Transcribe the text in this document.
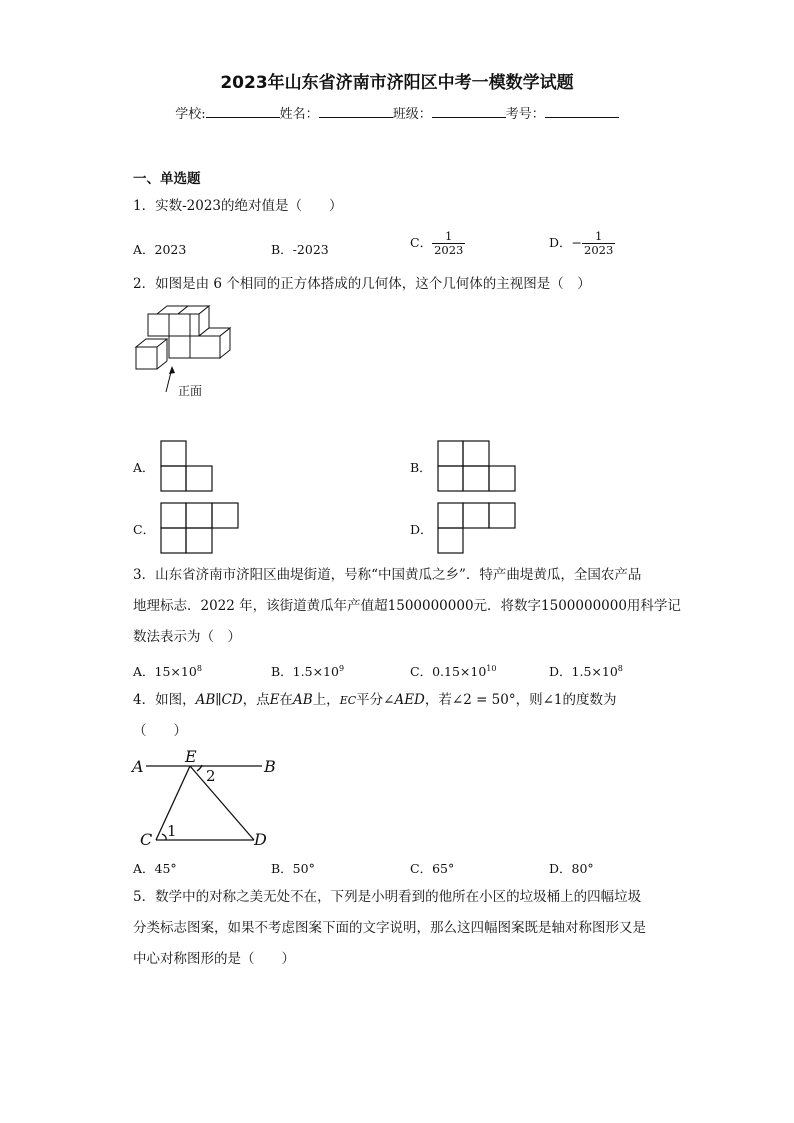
2023年山东省济南市济阳区中考一模数学试题
学校:	姓名：	班级：	考号：
一、单选题
1．实数-2023的绝对值是（　　）
A．2023	B．-2023	C． $\frac{1}{2023}$	D．− $\frac{1}{2023}$
2．如图是由 6 个相同的正方体搭成的几何体，这个几何体的主视图是（　）
正面
A．	B．
C．	D．
3．山东省济南市济阳区曲堤街道，号称“中国黄瓜之乡”．特产曲堤黄瓜，全国农产品
地理标志．2022 年，该街道黄瓜年产值超1500000000元．将数字1500000000用科学记
数法表示为（　）
A．$15\times 10^8$	B．$1.5\times 10^9$	C．$0.15\times 10^{10}$	D．$1.5\times 10^8$
4．如图，AB∥CD，点E在AB上，EC平分∠AED，若∠2 = 50°，则∠1的度数为
（　　）
A	B
E
C	D
2
1
A．45°	B．50°	C．65°	D．80°
5．数学中的对称之美无处不在，下列是小明看到的他所在小区的垃圾桶上的四幅垃圾
分类标志图案，如果不考虑图案下面的文字说明，那么这四幅图案既是轴对称图形又是
中心对称图形的是（　　）
